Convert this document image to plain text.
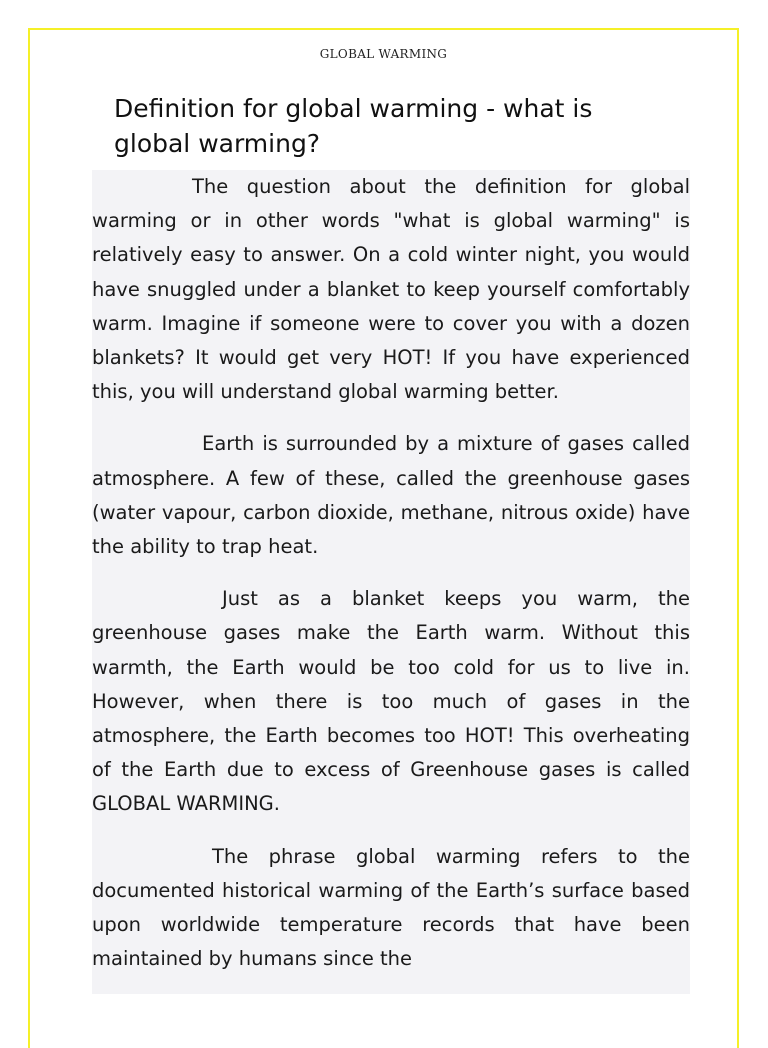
GLOBAL WARMING
Definition for global warming - what is global warming?

The question about the definition for global warming or in other words "what is global warming" is relatively easy to answer. On a cold winter night, you would have snuggled under a blanket to keep yourself comfortably warm. Imagine if someone were to cover you with a dozen blankets? It would get very HOT! If you have experienced this, you will understand global warming better.

Earth is surrounded by a mixture of gases called atmosphere. A few of these, called the greenhouse gases (water vapour, carbon dioxide, methane, nitrous oxide) have the ability to trap heat.

Just as a blanket keeps you warm, the greenhouse gases make the Earth warm. Without this warmth, the Earth would be too cold for us to live in. However, when there is too much of gases in the atmosphere, the Earth becomes too HOT! This overheating of the Earth due to excess of Greenhouse gases is called GLOBAL WARMING.

The phrase global warming refers to the documented historical warming of the Earth’s surface based upon worldwide temperature records that have been maintained by humans since the
